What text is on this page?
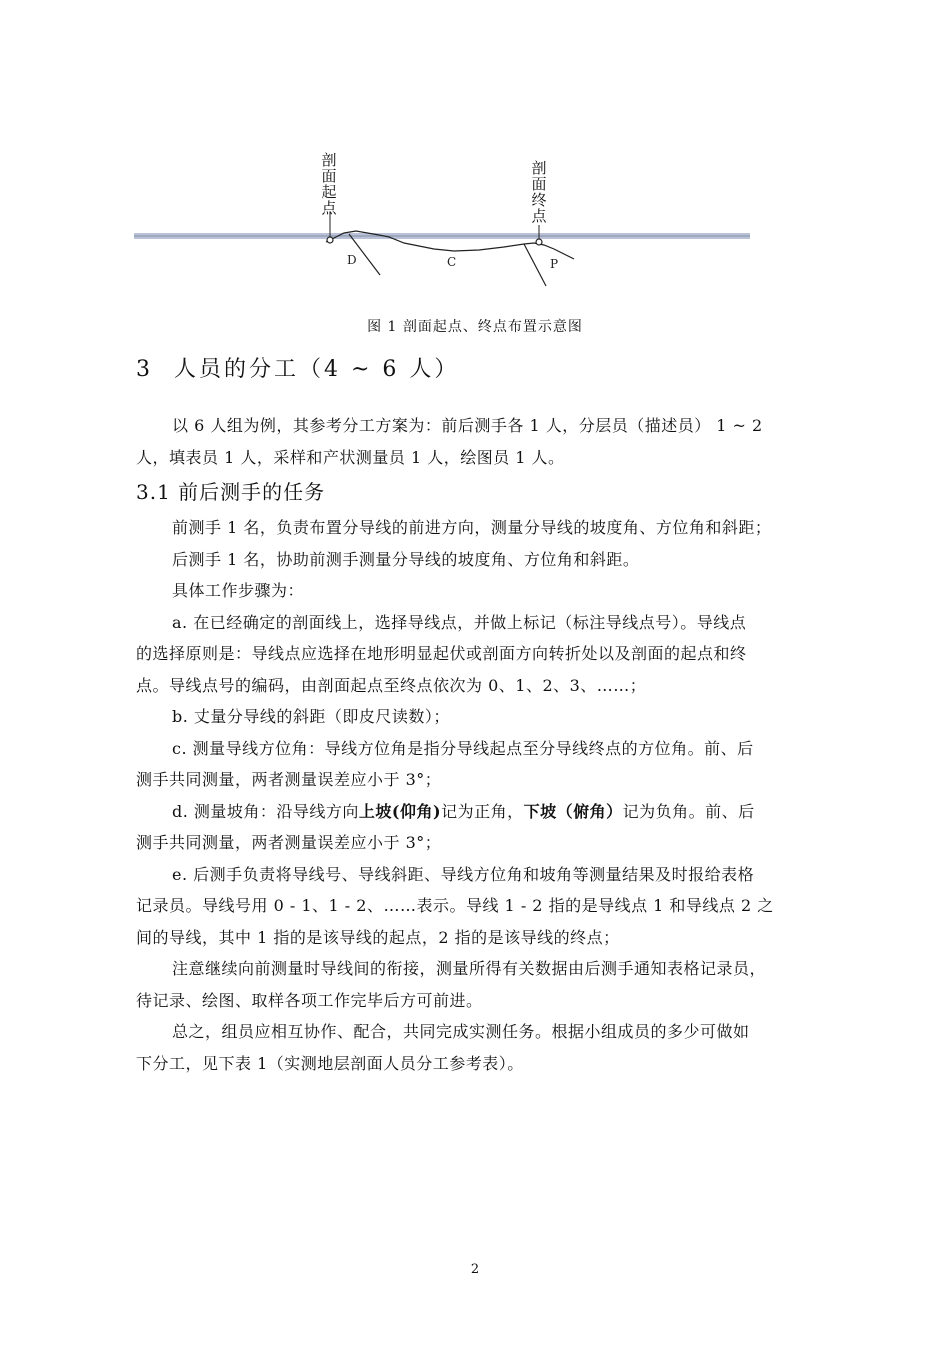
D	C	P
剖面起点
剖面终点
图 1 剖面起点、终点布置示意图
3 人员的分工（4 ~ 6 人）
以 6 人组为例，其参考分工方案为：前后测手各 1 人，分层员（描述员） 1 ~ 2
人，填表员 1 人，采样和产状测量员 1 人，绘图员 1 人。
3.1 前后测手的任务
前测手 1 名，负责布置分导线的前进方向，测量分导线的坡度角、方位角和斜距；
后测手 1 名，协助前测手测量分导线的坡度角、方位角和斜距。
具体工作步骤为：
a. 在已经确定的剖面线上，选择导线点，并做上标记（标注导线点号）。导线点
的选择原则是：导线点应选择在地形明显起伏或剖面方向转折处以及剖面的起点和终
点。导线点号的编码，由剖面起点至终点依次为 0、1、2、3、……；
b. 丈量分导线的斜距（即皮尺读数）；
c. 测量导线方位角：导线方位角是指分导线起点至分导线终点的方位角。前、后
测手共同测量，两者测量误差应小于 3°；
d. 测量坡角：沿导线方向上坡(仰角)记为正角，下坡（俯角）记为负角。前、后
测手共同测量，两者测量误差应小于 3°；
e. 后测手负责将导线号、导线斜距、导线方位角和坡角等测量结果及时报给表格
记录员。导线号用 0 - 1、1 - 2、……表示。导线 1 - 2 指的是导线点 1 和导线点 2 之
间的导线，其中 1 指的是该导线的起点，2 指的是该导线的终点；
注意继续向前测量时导线间的衔接，测量所得有关数据由后测手通知表格记录员，
待记录、绘图、取样各项工作完毕后方可前进。
总之，组员应相互协作、配合，共同完成实测任务。根据小组成员的多少可做如
下分工，见下表 1（实测地层剖面人员分工参考表）。
2
